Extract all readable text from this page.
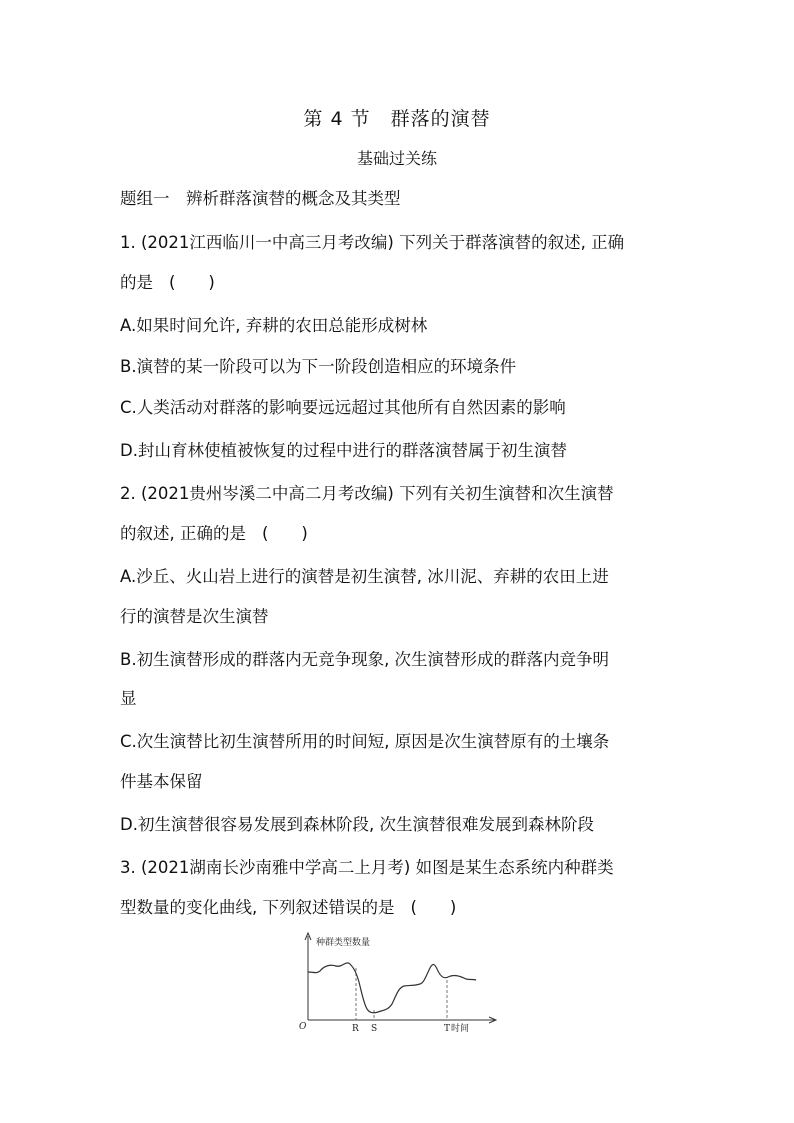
第 4 节　群落的演替
基础过关练
题组一　辨析群落演替的概念及其类型
1. (2021江西临川一中高三月考改编) 下列关于群落演替的叙述, 正确
的是 (　　)
A.如果时间允许, 弃耕的农田总能形成树林
B.演替的某一阶段可以为下一阶段创造相应的环境条件
C.人类活动对群落的影响要远远超过其他所有自然因素的影响
D.封山育林使植被恢复的过程中进行的群落演替属于初生演替
2. (2021贵州岑溪二中高二月考改编) 下列有关初生演替和次生演替
的叙述, 正确的是 (　　)
A.沙丘、火山岩上进行的演替是初生演替, 冰川泥、弃耕的农田上进
行的演替是次生演替
B.初生演替形成的群落内无竞争现象, 次生演替形成的群落内竞争明
显
C.次生演替比初生演替所用的时间短, 原因是次生演替原有的土壤条
件基本保留
D.初生演替很容易发展到森林阶段, 次生演替很难发展到森林阶段
3. (2021湖南长沙南雅中学高二上月考) 如图是某生态系统内种群类
型数量的变化曲线, 下列叙述错误的是 (　　)
种群类型数量
O	时间
R S	T
